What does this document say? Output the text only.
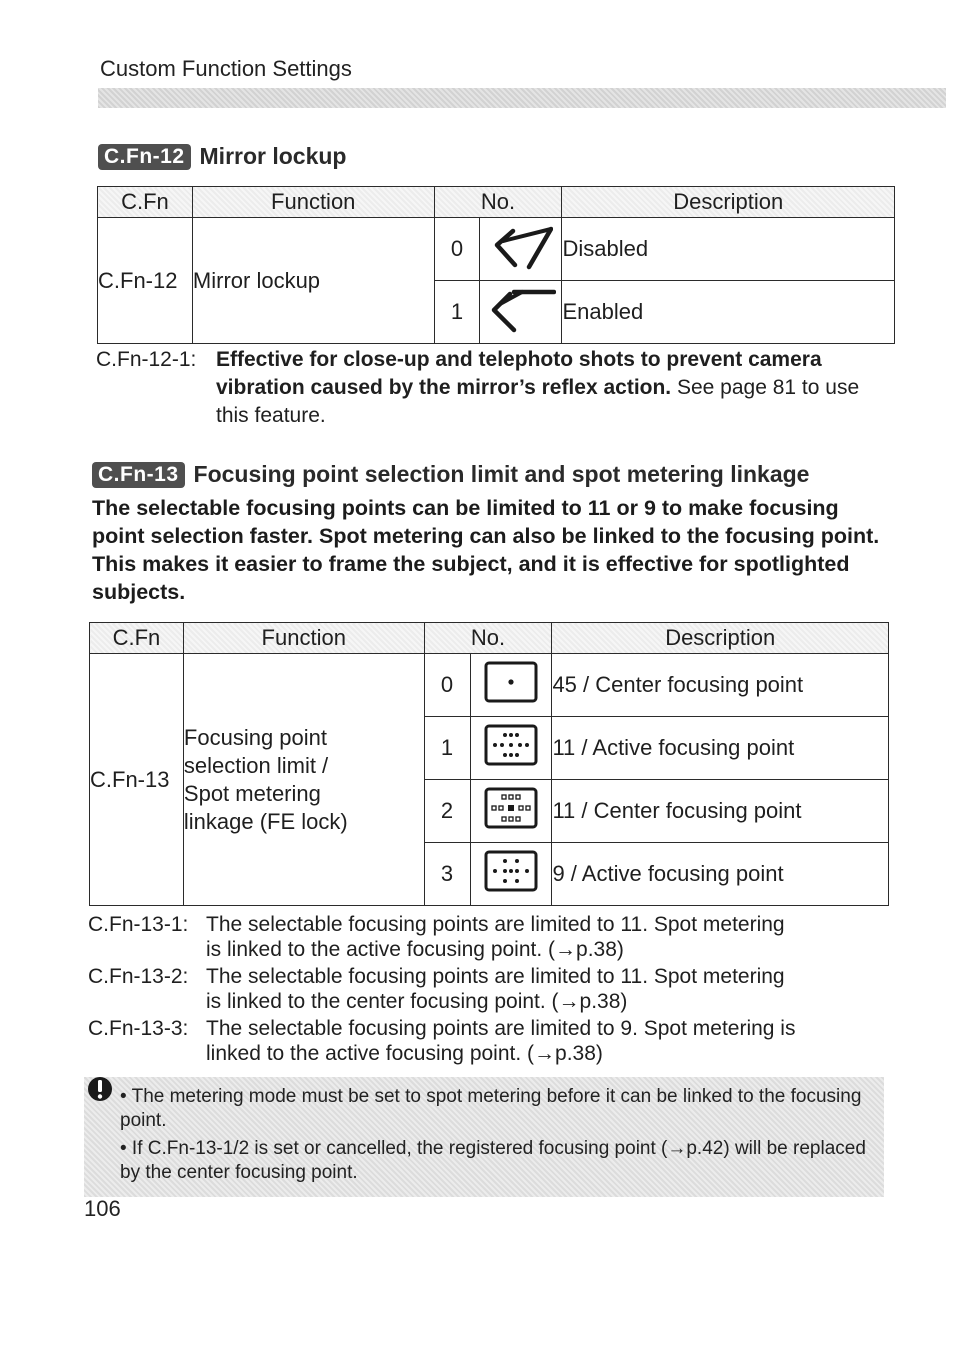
Custom Function Settings
C.Fn-12 Mirror lockup
C.Fn	Function	No.		Description
C.Fn-12	Mirror lockup	0		Disabled
		1		Enabled
C.Fn-12-1: Effective for close-up and telephoto shots to prevent camera vibration caused by the mirror’s reflex action. See page 81 to use this feature.
C.Fn-13 Focusing point selection limit and spot metering linkage
The selectable focusing points can be limited to 11 or 9 to make focusing point selection faster. Spot metering can also be linked to the focusing point. This makes it easier to frame the subject, and it is effective for spotlighted subjects.
C.Fn	Function	No.		Description
C.Fn-13	Focusing point
selection limit /
Spot metering
linkage (FE lock)	0		45 / Center focusing point
		1		11 / Active focusing point
		2		11 / Center focusing point
		3		9 / Active focusing point
C.Fn-13-1: The selectable focusing points are limited to 11. Spot metering
is linked to the active focusing point. (→p.38)
C.Fn-13-2: The selectable focusing points are limited to 11. Spot metering
is linked to the center focusing point. (→p.38)
C.Fn-13-3: The selectable focusing points are limited to 9. Spot metering is
linked to the active focusing point. (→p.38)
• The metering mode must be set to spot metering before it can be linked to the focusing point.
• If C.Fn-13-1/2 is set or cancelled, the registered focusing point (→p.42) will be replaced by the center focusing point.
106
